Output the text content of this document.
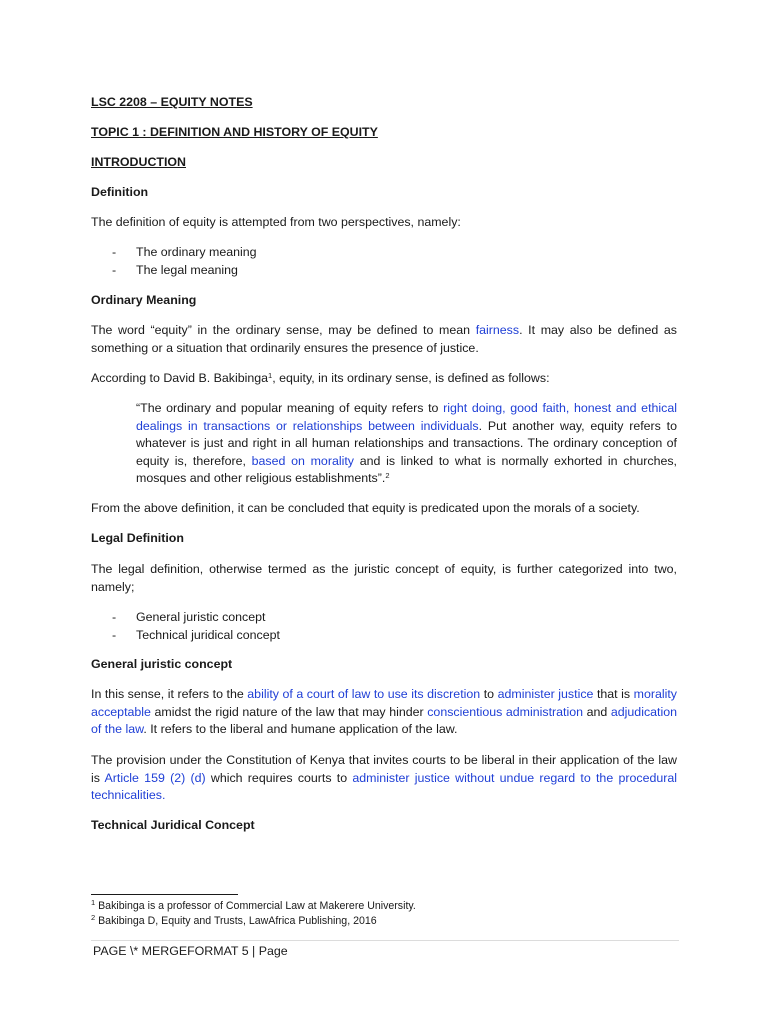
LSC 2208 – EQUITY NOTES

TOPIC 1 : DEFINITION AND HISTORY OF EQUITY

INTRODUCTION

Definition

The definition of equity is attempted from two perspectives, namely:

- The ordinary meaning
- The legal meaning

Ordinary Meaning

The word “equity” in the ordinary sense, may be defined to mean fairness. It may also be defined as something or a situation that ordinarily ensures the presence of justice.

According to David B. Bakibinga$^1$, equity, in its ordinary sense, is defined as follows:

“The ordinary and popular meaning of equity refers to right doing, good faith, honest and ethical dealings in transactions or relationships between individuals. Put another way, equity refers to whatever is just and right in all human relationships and transactions. The ordinary conception of equity is, therefore, based on morality and is linked to what is normally exhorted in churches, mosques and other religious establishments”.$^2$

From the above definition, it can be concluded that equity is predicated upon the morals of a society.

Legal Definition

The legal definition, otherwise termed as the juristic concept of equity, is further categorized into two, namely;

- General juristic concept
- Technical juridical concept

General juristic concept

In this sense, it refers to the ability of a court of law to use its discretion to administer justice that is morality acceptable amidst the rigid nature of the law that may hinder conscientious administration and adjudication of the law. It refers to the liberal and humane application of the law.

The provision under the Constitution of Kenya that invites courts to be liberal in their application of the law is Article 159 (2) (d) which requires courts to administer justice without undue regard to the procedural technicalities.

Technical Juridical Concept

$^1$ Bakibinga is a professor of Commercial Law at Makerere University.
$^2$ Bakibinga D, Equity and Trusts, LawAfrica Publishing, 2016
PAGE \* MERGEFORMAT 5 | Page
